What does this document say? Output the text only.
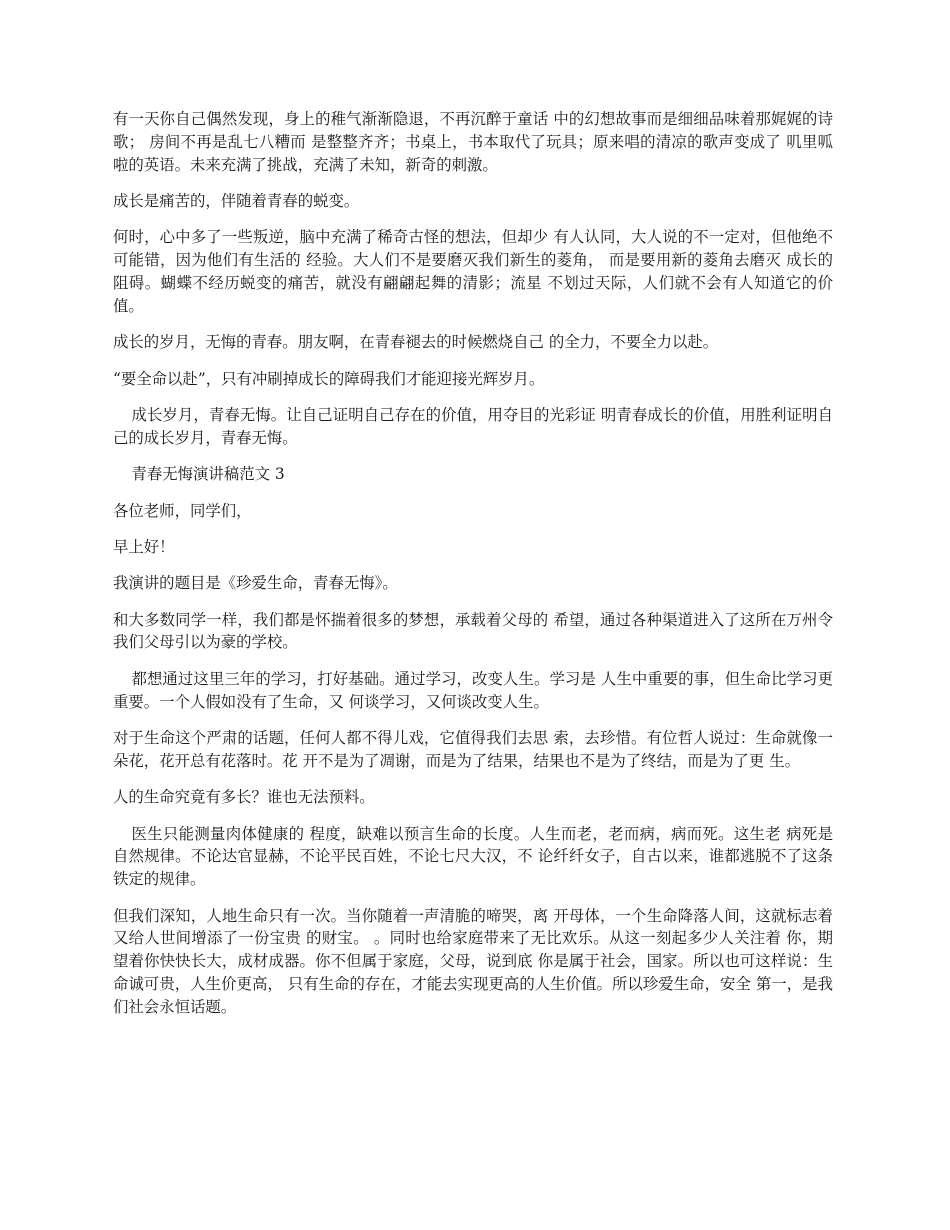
有一天你自己偶然发现，身上的稚气渐渐隐退，不再沉醉于童话 中的幻想故事而是细细品味着那娓娓的诗歌； 房间不再是乱七八糟而 是整整齐齐；书桌上，书本取代了玩具；原来唱的清凉的歌声变成了 叽里呱啦的英语。未来充满了挑战，充满了未知，新奇的刺激。

成长是痛苦的，伴随着青春的蜕变。

何时，心中多了一些叛逆，脑中充满了稀奇古怪的想法，但却少 有人认同，大人说的不一定对，但他绝不可能错，因为他们有生活的 经验。大人们不是要磨灭我们新生的菱角， 而是要用新的菱角去磨灭 成长的阻碍。蝴蝶不经历蜕变的痛苦，就没有翩翩起舞的清影；流星 不划过天际，人们就不会有人知道它的价值。

成长的岁月，无悔的青春。朋友啊，在青春褪去的时候燃烧自己 的全力，不要全力以赴。

“要全命以赴”，只有冲刷掉成长的障碍我们才能迎接光辉岁月。

成长岁月，青春无悔。让自己证明自己存在的价值，用夺目的光彩证 明青春成长的价值，用胜利证明自己的成长岁月，青春无悔。

青春无悔演讲稿范文 3

各位老师，同学们，

早上好！

我演讲的题目是《珍爱生命，青春无悔》。

和大多数同学一样，我们都是怀揣着很多的梦想，承载着父母的 希望，通过各种渠道进入了这所在万州令我们父母引以为豪的学校。

都想通过这里三年的学习，打好基础。通过学习，改变人生。学习是 人生中重要的事，但生命比学习更重要。一个人假如没有了生命，又 何谈学习，又何谈改变人生。

对于生命这个严肃的话题，任何人都不得儿戏，它值得我们去思 索，去珍惜。有位哲人说过：生命就像一朵花，花开总有花落时。花 开不是为了凋谢，而是为了结果，结果也不是为了终结，而是为了更 生。

人的生命究竟有多长？谁也无法预料。

医生只能测量肉体健康的 程度，缺难以预言生命的长度。人生而老，老而病，病而死。这生老 病死是自然规律。不论达官显赫，不论平民百姓，不论七尺大汉，不 论纤纤女子，自古以来，谁都逃脱不了这条铁定的规律。

但我们深知，人地生命只有一次。当你随着一声清脆的啼哭，离 开母体，一个生命降落人间，这就标志着又给人世间增添了一份宝贵 的财宝。 。同时也给家庭带来了无比欢乐。从这一刻起多少人关注着 你，期望着你快快长大，成材成器。你不但属于家庭，父母，说到底 你是属于社会，国家。所以也可这样说：生命诚可贵，人生价更高， 只有生命的存在，才能去实现更高的人生价值。所以珍爱生命，安全 第一，是我们社会永恒话题。
